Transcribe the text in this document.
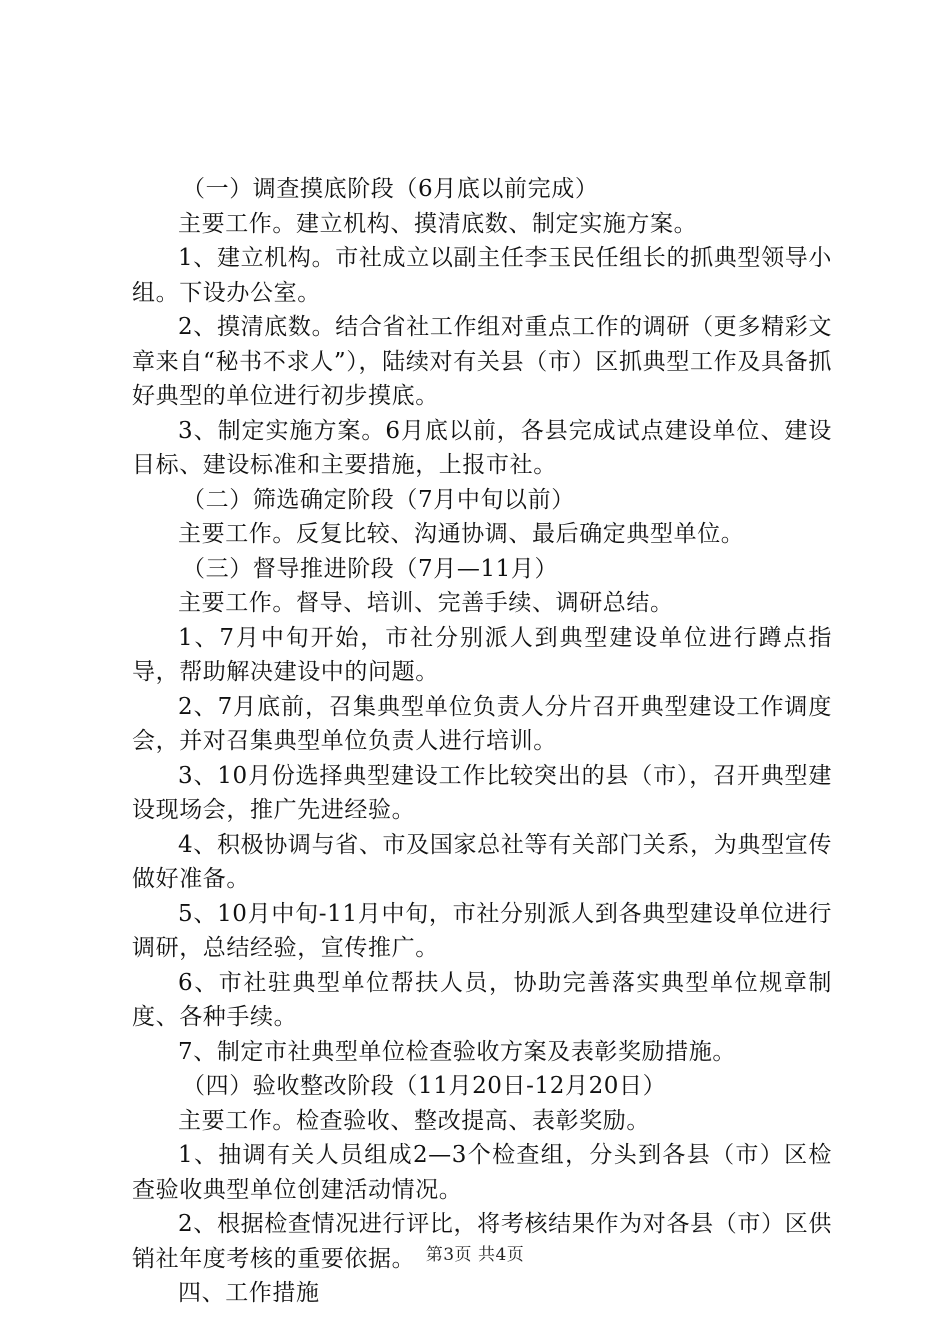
（一）调查摸底阶段（6月底以前完成）

主要工作。建立机构、摸清底数、制定实施方案。

1、建立机构。市社成立以副主任李玉民任组长的抓典型领导小组。下设办公室。

2、摸清底数。结合省社工作组对重点工作的调研（更多精彩文章来自“秘书不求人”），陆续对有关县（市）区抓典型工作及具备抓好典型的单位进行初步摸底。

3、制定实施方案。6月底以前，各县完成试点建设单位、建设目标、建设标准和主要措施，上报市社。

（二）筛选确定阶段（7月中旬以前）

主要工作。反复比较、沟通协调、最后确定典型单位。

（三）督导推进阶段（7月—11月）

主要工作。督导、培训、完善手续、调研总结。

1、7月中旬开始，市社分别派人到典型建设单位进行蹲点指导，帮助解决建设中的问题。

2、7月底前，召集典型单位负责人分片召开典型建设工作调度会，并对召集典型单位负责人进行培训。

3、10月份选择典型建设工作比较突出的县（市），召开典型建设现场会，推广先进经验。

4、积极协调与省、市及国家总社等有关部门关系，为典型宣传做好准备。

5、10月中旬-11月中旬，市社分别派人到各典型建设单位进行调研，总结经验，宣传推广。

6、市社驻典型单位帮扶人员，协助完善落实典型单位规章制度、各种手续。

7、制定市社典型单位检查验收方案及表彰奖励措施。

（四）验收整改阶段（11月20日-12月20日）

主要工作。检查验收、整改提高、表彰奖励。

1、抽调有关人员组成2—3个检查组，分头到各县（市）区检查验收典型单位创建活动情况。

2、根据检查情况进行评比，将考核结果作为对各县（市）区供销社年度考核的重要依据。

四、工作措施

第3页 共4页
